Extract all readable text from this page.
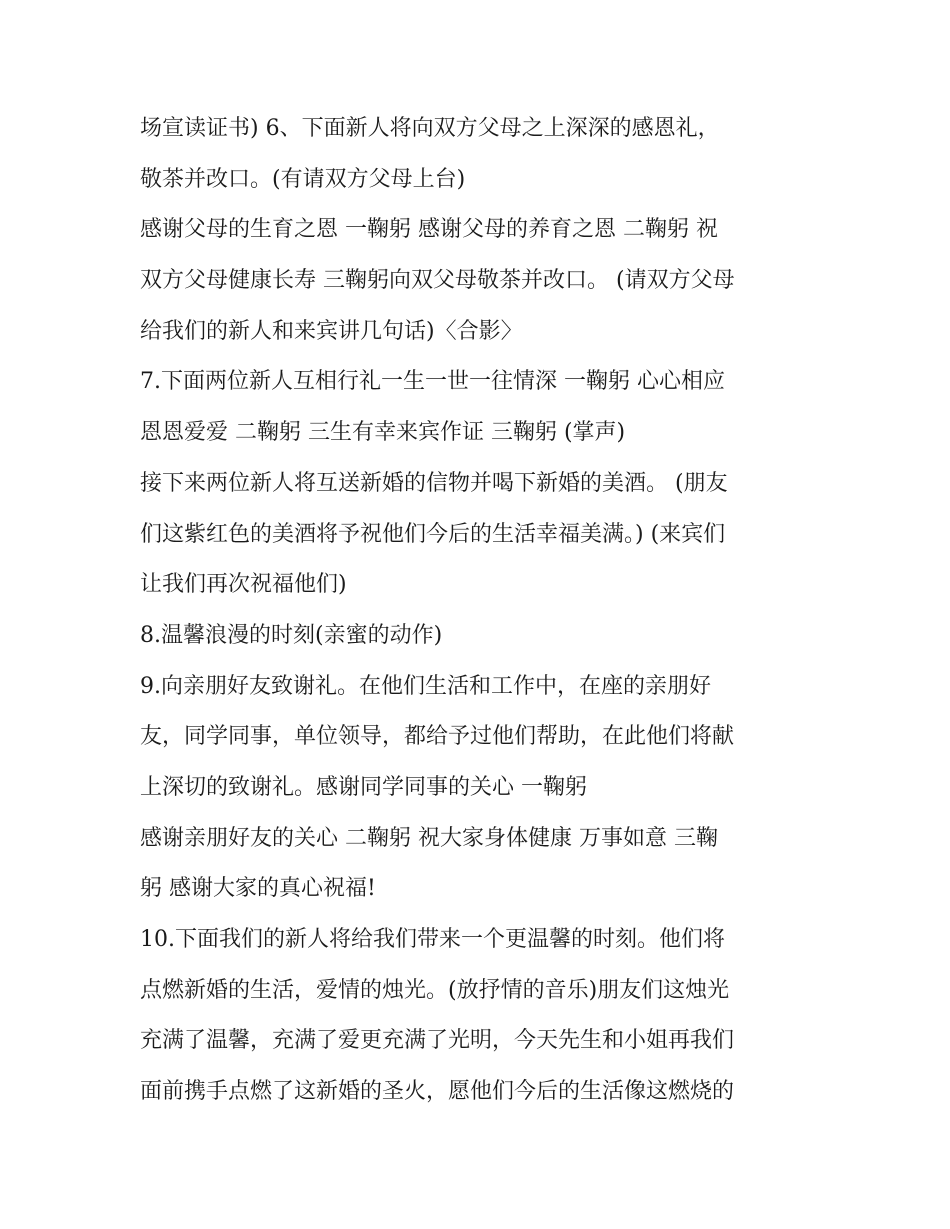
场宣读证书) 6、下面新人将向双方父母之上深深的感恩礼，
敬茶并改口。(有请双方父母上台)
感谢父母的生育之恩 一鞠躬 感谢父母的养育之恩 二鞠躬 祝
双方父母健康长寿 三鞠躬向双父母敬茶并改口。 (请双方父母
给我们的新人和来宾讲几句话)〈合影〉
7.下面两位新人互相行礼一生一世一往情深 一鞠躬 心心相应
恩恩爱爱 二鞠躬 三生有幸来宾作证 三鞠躬 (掌声)
接下来两位新人将互送新婚的信物并喝下新婚的美酒。 (朋友
们这紫红色的美酒将予祝他们今后的生活幸福美满。) (来宾们
让我们再次祝福他们)
8.温馨浪漫的时刻(亲蜜的动作)
9.向亲朋好友致谢礼。在他们生活和工作中，在座的亲朋好
友，同学同事，单位领导，都给予过他们帮助，在此他们将献
上深切的致谢礼。感谢同学同事的关心 一鞠躬
感谢亲朋好友的关心 二鞠躬 祝大家身体健康 万事如意 三鞠
躬 感谢大家的真心祝福!
10.下面我们的新人将给我们带来一个更温馨的时刻。他们将
点燃新婚的生活，爱情的烛光。(放抒情的音乐)朋友们这烛光
充满了温馨，充满了爱更充满了光明，今天先生和小姐再我们
面前携手点燃了这新婚的圣火，愿他们今后的生活像这燃烧的
